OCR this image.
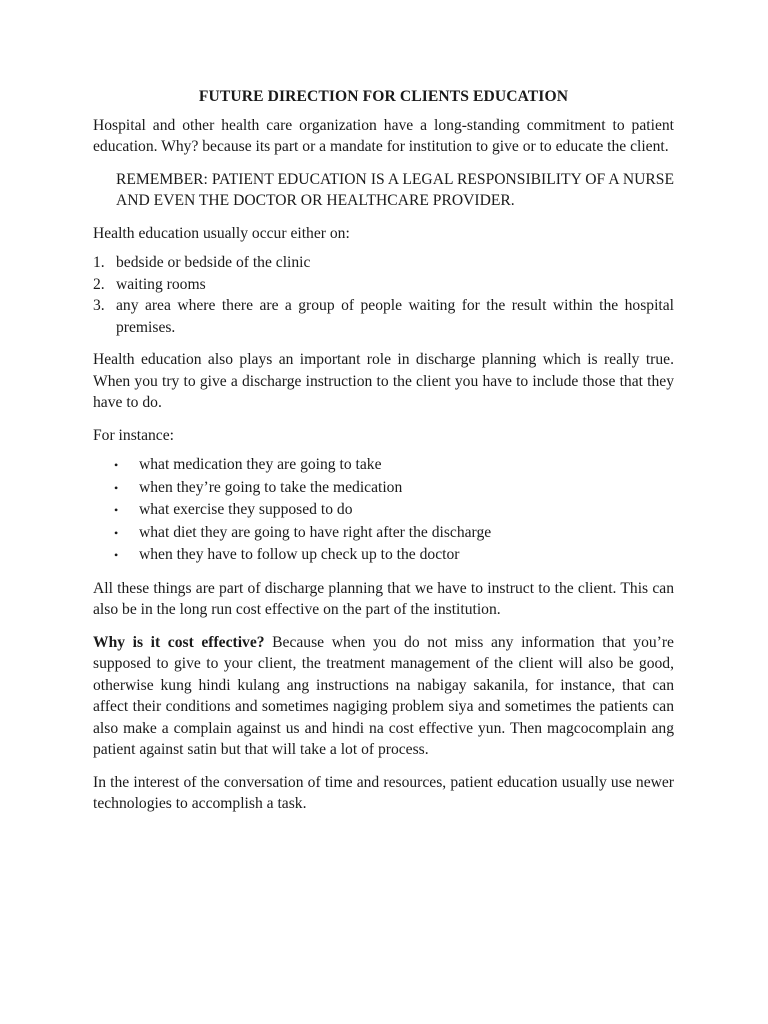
FUTURE DIRECTION FOR CLIENTS EDUCATION

Hospital and other health care organization have a long-standing commitment to patient education. Why? because its part or a mandate for institution to give or to educate the client.

REMEMBER: PATIENT EDUCATION IS A LEGAL RESPONSIBILITY OF A NURSE AND EVEN THE DOCTOR OR HEALTHCARE PROVIDER.

Health education usually occur either on:

1. bedside or bedside of the clinic
2. waiting rooms
3. any area where there are a group of people waiting for the result within the hospital premises.

Health education also plays an important role in discharge planning which is really true. When you try to give a discharge instruction to the client you have to include those that they have to do.

For instance:

• what medication they are going to take
• when they’re going to take the medication
• what exercise they supposed to do
• what diet they are going to have right after the discharge
• when they have to follow up check up to the doctor

All these things are part of discharge planning that we have to instruct to the client. This can also be in the long run cost effective on the part of the institution.

Why is it cost effective? Because when you do not miss any information that you’re supposed to give to your client, the treatment management of the client will also be good, otherwise kung hindi kulang ang instructions na nabigay sakanila, for instance, that can affect their conditions and sometimes nagiging problem siya and sometimes the patients can also make a complain against us and hindi na cost effective yun. Then magcocomplain ang patient against satin but that will take a lot of process.

In the interest of the conversation of time and resources, patient education usually use newer technologies to accomplish a task.
